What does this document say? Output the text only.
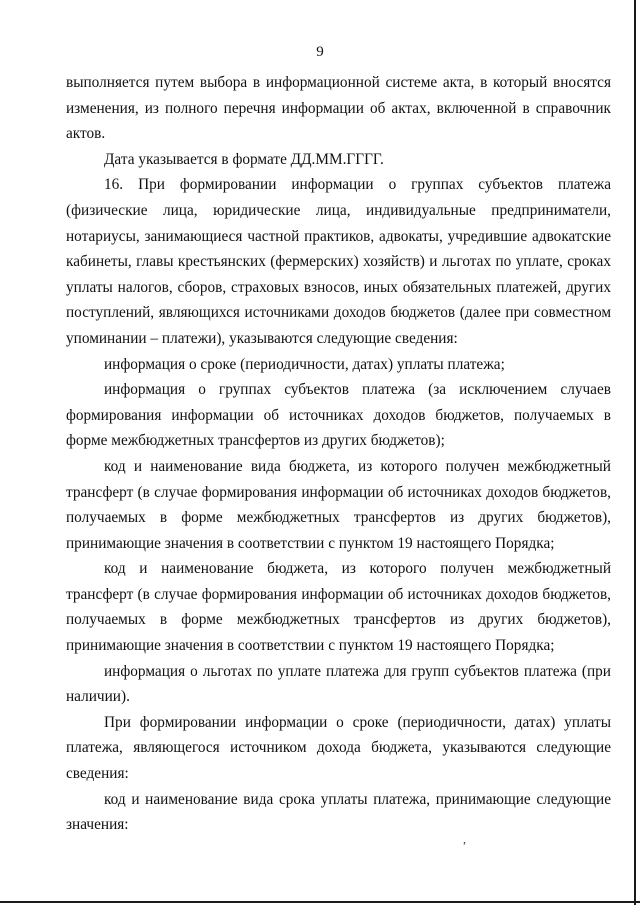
9

выполняется путем выбора в информационной системе акта, в который вносятся изменения, из полного перечня информации об актах, включенной в справочник актов.

Дата указывается в формате ДД.ММ.ГГГГ.

16. При формировании информации о группах субъектов платежа (физические лица, юридические лица, индивидуальные предприниматели, нотариусы, занимающиеся частной практиков, адвокаты, учредившие адвокатские кабинеты, главы крестьянских (фермерских) хозяйств) и льготах по уплате, сроках уплаты налогов, сборов, страховых взносов, иных обязательных платежей, других поступлений, являющихся источниками доходов бюджетов (далее при совместном упоминании – платежи), указываются следующие сведения:

информация о сроке (периодичности, датах) уплаты платежа;

информация о группах субъектов платежа (за исключением случаев формирования информации об источниках доходов бюджетов, получаемых в форме межбюджетных трансфертов из других бюджетов);

код и наименование вида бюджета, из которого получен межбюджетный трансферт (в случае формирования информации об источниках доходов бюджетов, получаемых в форме межбюджетных трансфертов из других бюджетов), принимающие значения в соответствии с пунктом 19 настоящего Порядка;

код и наименование бюджета, из которого получен межбюджетный трансферт (в случае формирования информации об источниках доходов бюджетов, получаемых в форме межбюджетных трансфертов из других бюджетов), принимающие значения в соответствии с пунктом 19 настоящего Порядка;

информация о льготах по уплате платежа для групп субъектов платежа (при наличии).

При формировании информации о сроке (периодичности, датах) уплаты платежа, являющегося источником дохода бюджета, указываются следующие сведения:

код и наименование вида срока уплаты платежа, принимающие следующие значения:

,
